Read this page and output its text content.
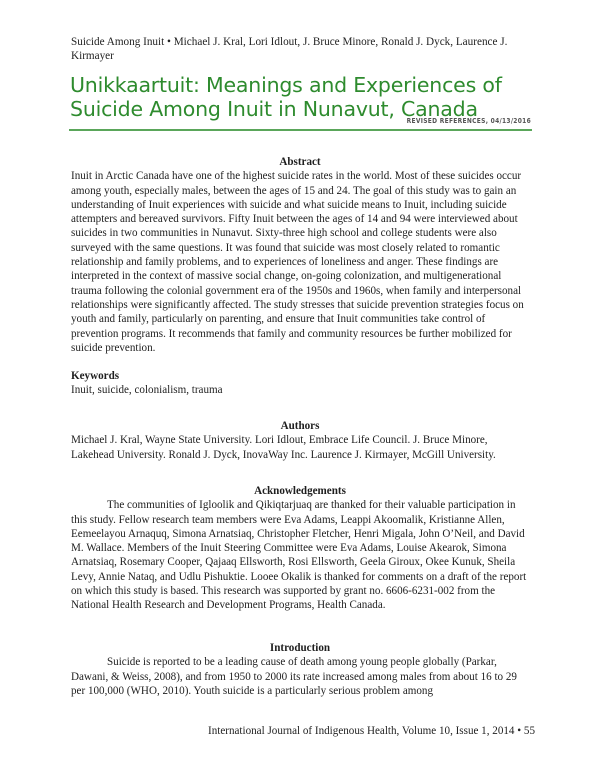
Suicide Among Inuit • Michael J. Kral, Lori Idlout, J. Bruce Minore, Ronald J. Dyck, Laurence J. Kirmayer
Unikkaartuit: Meanings and Experiences of Suicide Among Inuit in Nunavut, Canada
REVISED REFERENCES, 04/13/2016
Abstract

Inuit in Arctic Canada have one of the highest suicide rates in the world. Most of these suicides occur among youth, especially males, between the ages of 15 and 24. The goal of this study was to gain an understanding of Inuit experiences with suicide and what suicide means to Inuit, including suicide attempters and bereaved survivors. Fifty Inuit between the ages of 14 and 94 were interviewed about suicides in two communities in Nunavut. Sixty-three high school and college students were also surveyed with the same questions. It was found that suicide was most closely related to romantic relationship and family problems, and to experiences of loneliness and anger. These findings are interpreted in the context of massive social change, on-going colonization, and multigenerational trauma following the colonial government era of the 1950s and 1960s, when family and interpersonal relationships were significantly affected. The study stresses that suicide prevention strategies focus on youth and family, particularly on parenting, and ensure that Inuit communities take control of prevention programs. It recommends that family and community resources be further mobilized for suicide prevention.

Keywords

Inuit, suicide, colonialism, trauma

Authors

Michael J. Kral, Wayne State University. Lori Idlout, Embrace Life Council. J. Bruce Minore, Lakehead University. Ronald J. Dyck, InovaWay Inc. Laurence J. Kirmayer, McGill University.

Acknowledgements

The communities of Igloolik and Qikiqtarjuaq are thanked for their valuable participation in this study. Fellow research team members were Eva Adams, Leappi Akoomalik, Kristianne Allen, Eemeelayou Arnaquq, Simona Arnatsiaq, Christopher Fletcher, Henri Migala, John O’Neil, and David M. Wallace. Members of the Inuit Steering Committee were Eva Adams, Louise Akearok, Simona Arnatsiaq, Rosemary Cooper, Qajaaq Ellsworth, Rosi Ellsworth, Geela Giroux, Okee Kunuk, Sheila Levy, Annie Nataq, and Udlu Pishuktie. Looee Okalik is thanked for comments on a draft of the report on which this study is based. This research was supported by grant no. 6606-6231-002 from the National Health Research and Development Programs, Health Canada.

Introduction

Suicide is reported to be a leading cause of death among young people globally (Parkar, Dawani, & Weiss, 2008), and from 1950 to 2000 its rate increased among males from about 16 to 29 per 100,000 (WHO, 2010). Youth suicide is a particularly serious problem among

International Journal of Indigenous Health, Volume 10, Issue 1, 2014 • 55
